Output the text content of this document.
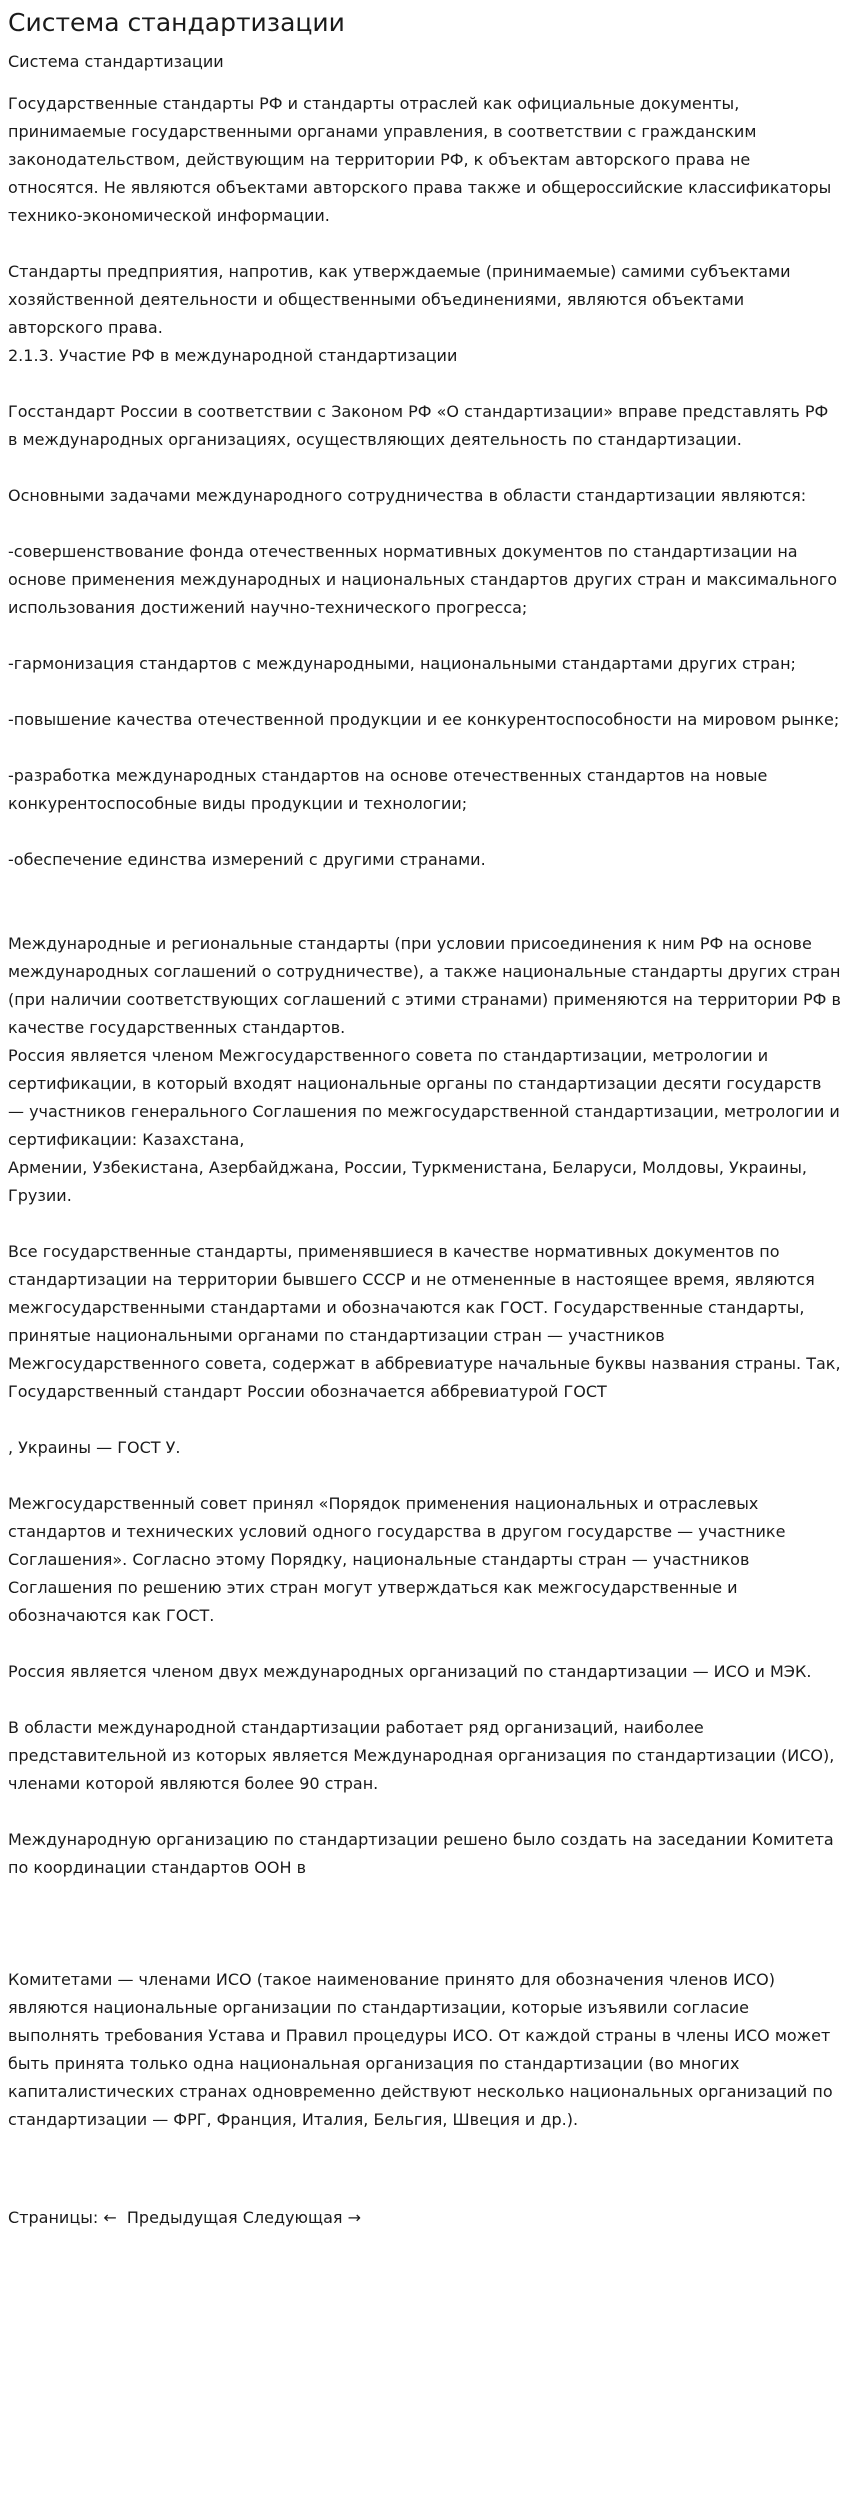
Система стандартизации

Система стандартизации

Государственные стандарты РФ и стандарты отраслей как официальные документы, принимаемые государственными органами управления, в соответствии с гражданским законодательством, действующим на территории РФ, к объектам авторского права не относятся. Не являются объектами авторского права также и общероссийские классификаторы технико-экономической информации.

Стандарты предприятия, напротив, как утверждаемые (принимаемые) самими субъектами хозяйственной деятельности и общественными объединениями, являются объектами авторского права.

2.1.3. Участие РФ в международной стандартизации

Госстандарт России в соответствии с Законом РФ «О стандартизации» вправе представлять РФ в международных организациях, осуществляющих деятельность по стандартизации.

Основными задачами международного сотрудничества в области стандартизации являются:

-совершенствование фонда отечественных нормативных документов по стандартизации на основе применения международных и национальных стандартов других стран и максимального использования достижений научно-технического прогресса;

-гармонизация стандартов с международными, национальными стандартами других стран;

-повышение качества отечественной продукции и ее конкурентоспособности на мировом рынке;

-разработка международных стандартов на основе отечественных стандартов на новые конкурентоспособные виды продукции и технологии;

-обеспечение единства измерений с другими странами.

Международные и региональные стандарты (при условии присоединения к ним РФ на основе международных соглашений о сотрудничестве), а также национальные стандарты других стран (при наличии соответствующих соглашений с этими странами) применяются на территории РФ в качестве государственных стандартов.

Россия является членом Межгосударственного совета по стандартизации, метрологии и сертификации, в который входят национальные органы по стандартизации десяти государств — участников генерального Соглашения по межгосударственной стандартизации, метрологии и сертификации: Казахстана,

Армении, Узбекистана, Азербайджана, России, Туркменистана, Беларуси, Молдовы, Украины, Грузии.

Все государственные стандарты, применявшиеся в качестве нормативных документов по стандартизации на территории бывшего СССР и не отмененные в настоящее время, являются межгосударственными стандартами и обозначаются как ГОСТ. Государственные стандарты, принятые национальными органами по стандартизации стран — участников Межгосударственного совета, содержат в аббревиатуре начальные буквы названия страны. Так, Государственный стандарт России обозначается аббревиатурой ГОСТ

, Украины — ГОСТ У.

Межгосударственный совет принял «Порядок применения национальных и отраслевых стандартов и технических условий одного государства в другом государстве — участнике Соглашения». Согласно этому Порядку, национальные стандарты стран — участников Соглашения по решению этих стран могут утверждаться как межгосударственные и обозначаются как ГОСТ.

Россия является членом двух международных организаций по стандартизации — ИСО и МЭК.

В области международной стандартизации работает ряд организаций, наиболее представительной из которых является Международная организация по стандартизации (ИСО), членами которой являются более 90 стран.

Международную организацию по стандартизации решено было создать на заседании Комитета по координации стандартов ООН в

Комитетами — членами ИСО (такое наименование принято для обозначения членов ИСО) являются национальные организации по стандартизации, которые изъявили согласие выполнять требования Устава и Правил процедуры ИСО. От каждой страны в члены ИСО может быть принята только одна национальная организация по стандартизации (во многих капиталистических странах одновременно действуют несколько национальных организаций по стандартизации — ФРГ, Франция, Италия, Бельгия, Швеция и др.).

Страницы: ← Предыдущая Следующая →
